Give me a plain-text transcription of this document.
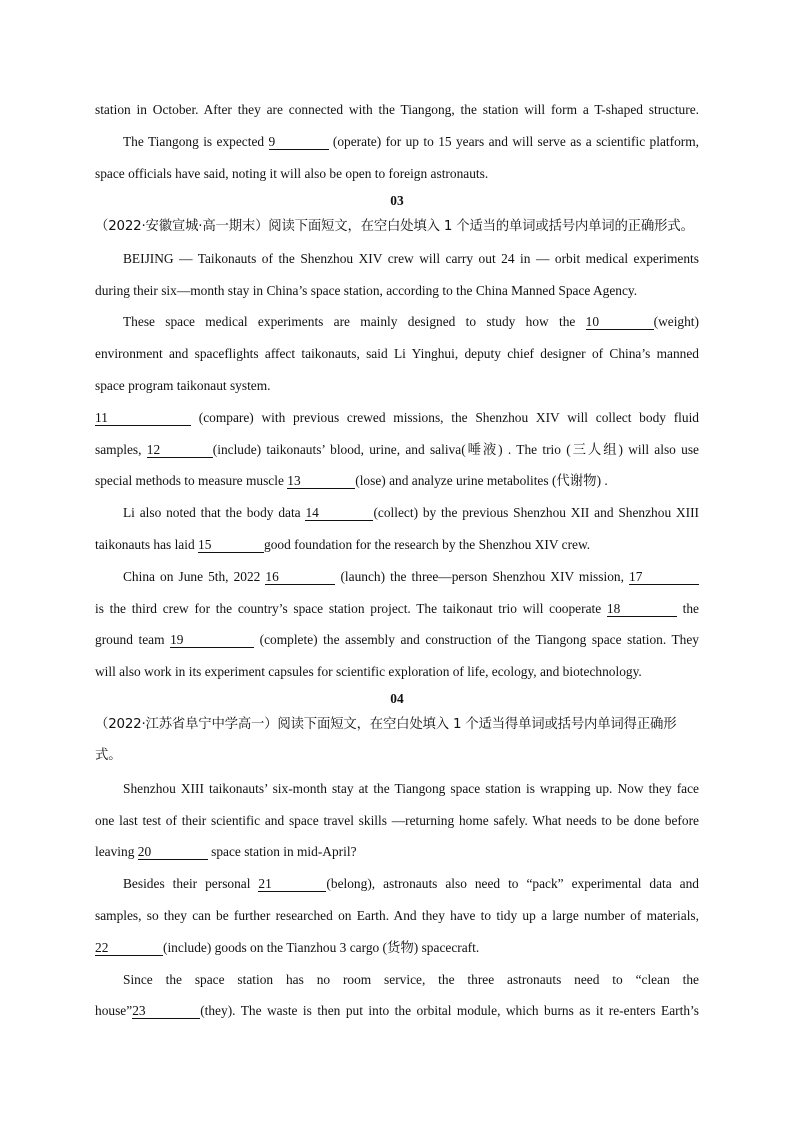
station in October. After they are connected with the Tiangong, the station will form a T-shaped structure.
The Tiangong is expected 9	(operate) for up to 15 years and will serve as a scientific platform,
space officials have said, noting it will also be open to foreign astronauts.
03
（2022·安徽宣城·高一期末）阅读下面短文，在空白处填入 1 个适当的单词或括号内单词的正确形式。
BEIJING — Taikonauts of the Shenzhou XIV crew will carry out 24 in — orbit medical experiments
during their six—month stay in China’s space station, according to the China Manned Space Agency.
These space medical experiments are mainly designed to study how the 10	(weight)
environment and spaceflights affect taikonauts, said Li Yinghui, deputy chief designer of China’s manned
space program taikonaut system.
11	(compare) with previous crewed missions, the Shenzhou XIV will collect body fluid
samples, 12	(include) taikonauts’ blood, urine, and saliva(唾液) . The trio (三人组) will also use
special methods to measure muscle 13	(lose) and analyze urine metabolites (代谢物) .
Li also noted that the body data 14	(collect) by the previous Shenzhou XII and Shenzhou XIII
taikonauts has laid 15	good foundation for the research by the Shenzhou XIV crew.
China on June 5th, 2022 16	(launch) the three—person Shenzhou XIV mission, 17
is the third crew for the country’s space station project. The taikonaut trio will cooperate 18	the
ground team 19	(complete) the assembly and construction of the Tiangong space station. They
will also work in its experiment capsules for scientific exploration of life, ecology, and biotechnology.
04
（2022·江苏省阜宁中学高一）阅读下面短文，在空白处填入 1 个适当得单词或括号内单词得正确形
式。
Shenzhou XIII taikonauts’ six-month stay at the Tiangong space station is wrapping up. Now they face
one last test of their scientific and space travel skills —returning home safely. What needs to be done before
leaving 20	space station in mid-April?
Besides their personal 21	(belong), astronauts also need to “pack” experimental data and
samples, so they can be further researched on Earth. And they have to tidy up a large number of materials,
22	(include) goods on the Tianzhou 3 cargo (货物) spacecraft.
Since the space station has no room service, the three astronauts need to “clean the
house”23	(they). The waste is then put into the orbital module, which burns as it re-enters Earth’s
